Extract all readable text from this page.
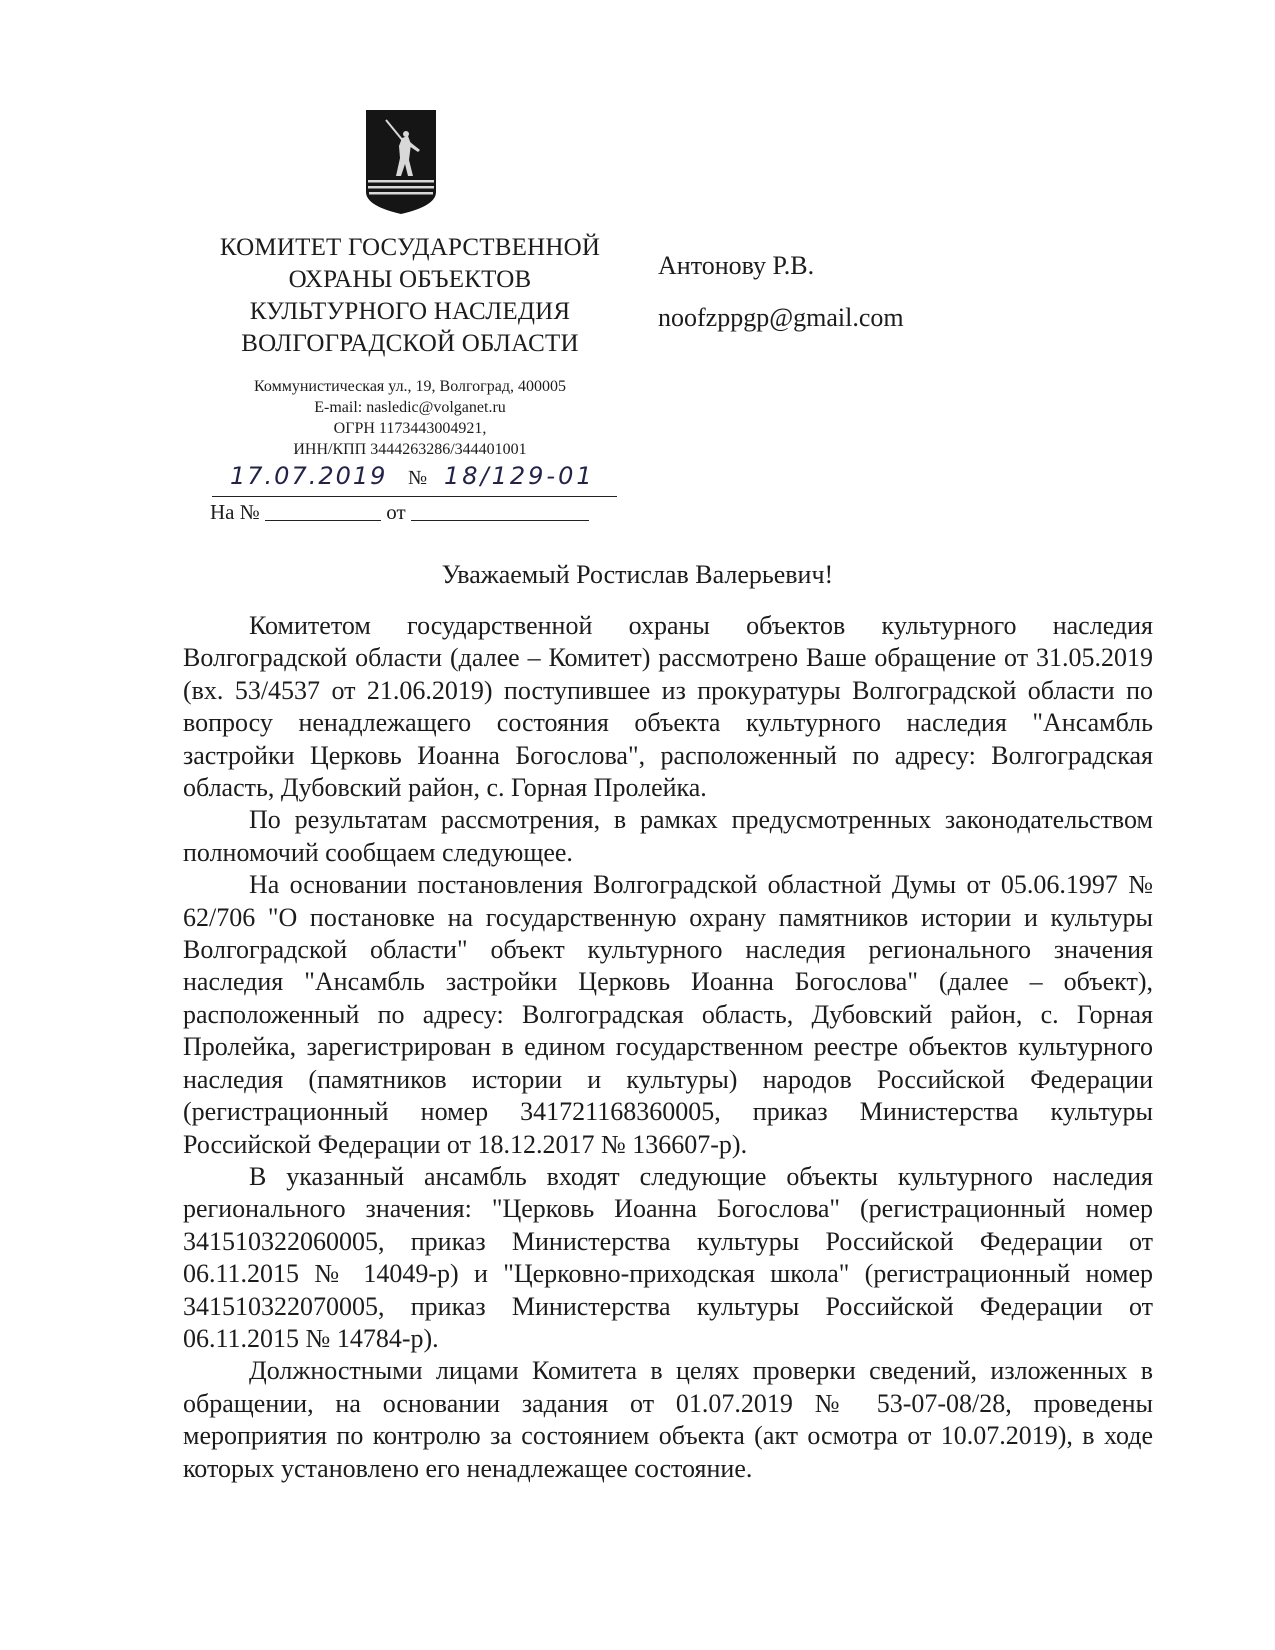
КОМИТЕТ ГОСУДАРСТВЕННОЙ
ОХРАНЫ ОБЪЕКТОВ
КУЛЬТУРНОГО НАСЛЕДИЯ
ВОЛГОГРАДСКОЙ ОБЛАСТИ
Коммунистическая ул., 19, Волгоград, 400005
E-mail: nasledic@volganet.ru
ОГРН 1173443004921,
ИНН/КПП 3444263286/344401001
Антонову Р.В.
noofzppgp@gmail.com
17.07.2019 № 18/129-01
На №	от
Уважаемый Ростислав Валерьевич!

Комитетом государственной охраны объектов культурного наследия Волгоградской области (далее – Комитет) рассмотрено Ваше обращение от 31.05.2019 (вх. 53/4537 от 21.06.2019) поступившее из прокуратуры Волгоградской области по вопросу ненадлежащего состояния объекта культурного наследия "Ансамбль застройки Церковь Иоанна Богослова", расположенный по адресу: Волгоградская область, Дубовский район, с. Горная Пролейка.

По результатам рассмотрения, в рамках предусмотренных законодательством полномочий сообщаем следующее.

На основании постановления Волгоградской областной Думы от 05.06.1997 № 62/706 "О постановке на государственную охрану памятников истории и культуры Волгоградской области" объект культурного наследия регионального значения наследия "Ансамбль застройки Церковь Иоанна Богослова" (далее – объект), расположенный по адресу: Волгоградская область, Дубовский район, с. Горная Пролейка, зарегистрирован в едином государственном реестре объектов культурного наследия (памятников истории и культуры) народов Российской Федерации (регистрационный номер 341721168360005, приказ Министерства культуры Российской Федерации от 18.12.2017 № 136607-р).

В указанный ансамбль входят следующие объекты культурного наследия регионального значения: "Церковь Иоанна Богослова" (регистрационный номер 341510322060005, приказ Министерства культуры Российской Федерации от 06.11.2015 № 14049-р) и "Церковно-приходская школа" (регистрационный номер 341510322070005, приказ Министерства культуры Российской Федерации от 06.11.2015 № 14784-р).

Должностными лицами Комитета в целях проверки сведений, изложенных в обращении, на основании задания от 01.07.2019 № 53-07-08/28, проведены мероприятия по контролю за состоянием объекта (акт осмотра от 10.07.2019), в ходе которых установлено его ненадлежащее состояние.
